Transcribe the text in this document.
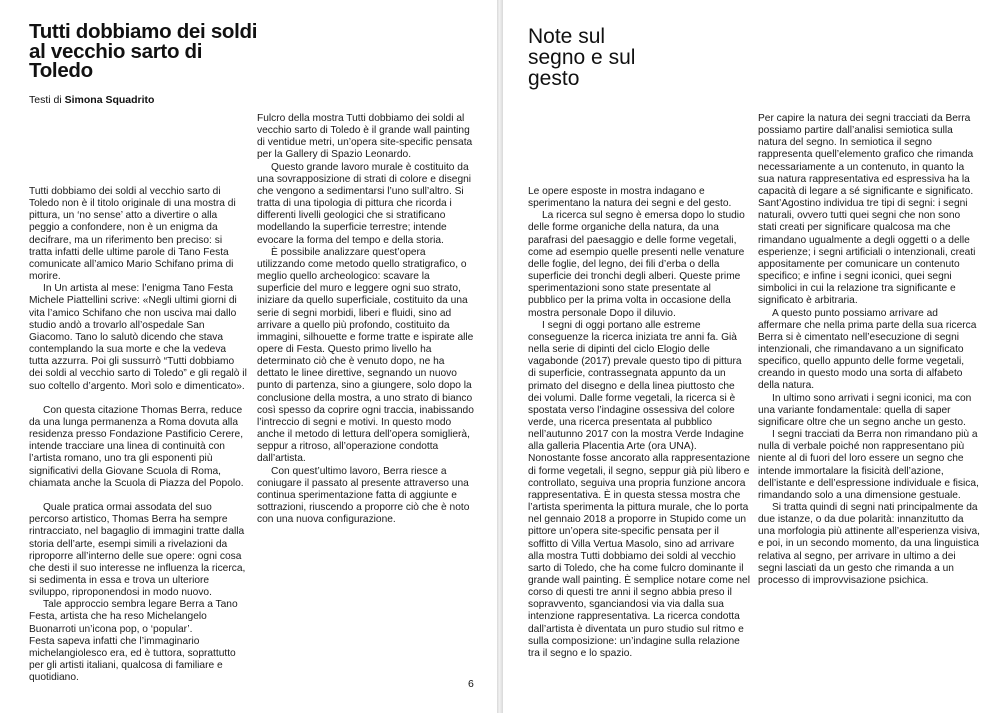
Tutti dobbiamo dei soldi al vecchio sarto di Toledo

Testi di Simona Squadrito

Tutti dobbiamo dei soldi al vecchio sarto di Toledo non è il titolo originale di una mostra di pittura, un ‘no sense’ atto a divertire o alla peggio a confondere, non è un enigma da decifrare, ma un riferimento ben preciso: si tratta infatti delle ultime parole di Tano Festa comunicate all’amico Mario Schifano prima di morire.

In Un artista al mese: l’enigma Tano Festa Michele Piattellini scrive: «Negli ultimi giorni di vita l’amico Schifano che non usciva mai dallo studio andò a trovarlo all’ospedale San Giacomo. Tano lo salutò dicendo che stava contemplando la sua morte e che la vedeva tutta azzurra. Poi gli sussurrò “Tutti dobbiamo dei soldi al vecchio sarto di Toledo” e gli regalò il suo coltello d’argento. Morì solo e dimenticato».

Con questa citazione Thomas Berra, reduce da una lunga permanenza a Roma dovuta alla residenza presso Fondazione Pastificio Cerere, intende tracciare una linea di continuità con l’artista romano, uno tra gli esponenti più significativi della Giovane Scuola di Roma, chiamata anche la Scuola di Piazza del Popolo.

Quale pratica ormai assodata del suo percorso artistico, Thomas Berra ha sempre rintracciato, nel bagaglio di immagini tratte dalla storia dell’arte, esempi simili a rivelazioni da riproporre all’interno delle sue opere: ogni cosa che desti il suo interesse ne influenza la ricerca, si sedimenta in essa e trova un ulteriore sviluppo, riproponendosi in modo nuovo.

Tale approccio sembra legare Berra a Tano Festa, artista che ha reso Michelangelo Buonarroti un’icona pop, o ‘popular’.

Festa sapeva infatti che l’immaginario michelangiolesco era, ed è tuttora, soprattutto per gli artisti italiani, qualcosa di familiare e quotidiano.

Fulcro della mostra Tutti dobbiamo dei soldi al vecchio sarto di Toledo è il grande wall painting di ventidue metri, un’opera site-specific pensata per la Gallery di Spazio Leonardo.

Questo grande lavoro murale è costituito da una sovrapposizione di strati di colore e disegni che vengono a sedimentarsi l’uno sull’altro. Si tratta di una tipologia di pittura che ricorda i differenti livelli geologici che si stratificano modellando la superficie terrestre; intende evocare la forma del tempo e della storia.

È possibile analizzare quest’opera utilizzando come metodo quello stratigrafico, o meglio quello archeologico: scavare la superficie del muro e leggere ogni suo strato, iniziare da quello superficiale, costituito da una serie di segni morbidi, liberi e fluidi, sino ad arrivare a quello più profondo, costituito da immagini, silhouette e forme tratte e ispirate alle opere di Festa. Questo primo livello ha determinato ciò che è venuto dopo, ne ha dettato le linee direttive, segnando un nuovo punto di partenza, sino a giungere, solo dopo la conclusione della mostra, a uno strato di bianco così spesso da coprire ogni traccia, inabissando l’intreccio di segni e motivi. In questo modo anche il metodo di lettura dell’opera somiglierà, seppur a ritroso, all’operazione condotta dall’artista.

Con quest’ultimo lavoro, Berra riesce a coniugare il passato al presente attraverso una continua sperimentazione fatta di aggiunte e sottrazioni, riuscendo a proporre ciò che è noto con una nuova configurazione.

6
Note sul segno e sul gesto

Le opere esposte in mostra indagano e sperimentano la natura dei segni e del gesto.

La ricerca sul segno è emersa dopo lo studio delle forme organiche della natura, da una parafrasi del paesaggio e delle forme vegetali, come ad esempio quelle presenti nelle venature delle foglie, del legno, dei fili d’erba o della superficie dei tronchi degli alberi. Queste prime sperimentazioni sono state presentate al pubblico per la prima volta in occasione della mostra personale Dopo il diluvio.

I segni di oggi portano alle estreme conseguenze la ricerca iniziata tre anni fa. Già nella serie di dipinti del ciclo Elogio delle vagabonde (2017) prevale questo tipo di pittura di superficie, contrassegnata appunto da un primato del disegno e della linea piuttosto che dei volumi. Dalle forme vegetali, la ricerca si è spostata verso l’indagine ossessiva del colore verde, una ricerca presentata al pubblico nell’autunno 2017 con la mostra Verde Indagine alla galleria Placentia Arte (ora UNA). Nonostante fosse ancorato alla rappresentazione di forme vegetali, il segno, seppur già più libero e controllato, seguiva una propria funzione ancora rappresentativa. È in questa stessa mostra che l’artista sperimenta la pittura murale, che lo porta nel gennaio 2018 a proporre in Stupido come un pittore un’opera site-specific pensata per il soffitto di Villa Vertua Masolo, sino ad arrivare alla mostra Tutti dobbiamo dei soldi al vecchio sarto di Toledo, che ha come fulcro dominante il grande wall painting. È semplice notare come nel corso di questi tre anni il segno abbia preso il sopravvento, sganciandosi via via dalla sua intenzione rappresentativa. La ricerca condotta dall’artista è diventata un puro studio sul ritmo e sulla composizione: un’indagine sulla relazione tra il segno e lo spazio.

Per capire la natura dei segni tracciati da Berra possiamo partire dall’analisi semiotica sulla natura del segno. In semiotica il segno rappresenta quell’elemento grafico che rimanda necessariamente a un contenuto, in quanto la sua natura rappresentativa ed espressiva ha la capacità di legare a sé significante e significato.

Sant’Agostino individua tre tipi di segni: i segni naturali, ovvero tutti quei segni che non sono stati creati per significare qualcosa ma che rimandano ugualmente a degli oggetti o a delle esperienze; i segni artificiali o intenzionali, creati appositamente per comunicare un contenuto specifico; e infine i segni iconici, quei segni simbolici in cui la relazione tra significante e significato è arbitraria.

A questo punto possiamo arrivare ad affermare che nella prima parte della sua ricerca Berra si è cimentato nell’esecuzione di segni intenzionali, che rimandavano a un significato specifico, quello appunto delle forme vegetali, creando in questo modo una sorta di alfabeto della natura.

In ultimo sono arrivati i segni iconici, ma con una variante fondamentale: quella di saper significare oltre che un segno anche un gesto.

I segni tracciati da Berra non rimandano più a nulla di verbale poiché non rappresentano più niente al di fuori del loro essere un segno che intende immortalare la fisicità dell’azione, dell’istante e dell’espressione individuale e fisica, rimandando solo a una dimensione gestuale.

Si tratta quindi di segni nati principalmente da due istanze, o da due polarità: innanzitutto da una morfologia più attinente all’esperienza visiva, e poi, in un secondo momento, da una linguistica relativa al segno, per arrivare in ultimo a dei segni lasciati da un gesto che rimanda a un processo di improvvisazione psichica.
